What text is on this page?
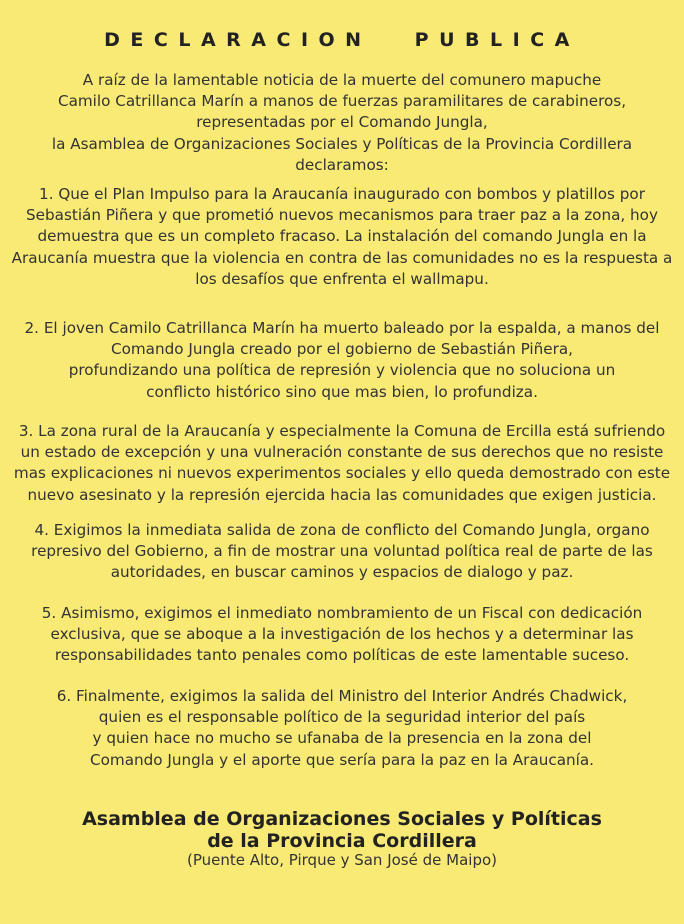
DECLARACION PUBLICA
A raíz de la lamentable noticia de la muerte del comunero mapuche
Camilo Catrillanca Marín a manos de fuerzas paramilitares de carabineros,
representadas por el Comando Jungla,
la Asamblea de Organizaciones Sociales y Políticas de la Provincia Cordillera
declaramos:
1. Que el Plan Impulso para la Araucanía inaugurado con bombos y platillos por
Sebastián Piñera y que prometió nuevos mecanismos para traer paz a la zona, hoy
demuestra que es un completo fracaso. La instalación del comando Jungla en la
Araucanía muestra que la violencia en contra de las comunidades no es la respuesta a
los desafíos que enfrenta el wallmapu.
2. El joven Camilo Catrillanca Marín ha muerto baleado por la espalda, a manos del
Comando Jungla creado por el gobierno de Sebastián Piñera,
profundizando una política de represión y violencia que no soluciona un
conflicto histórico sino que mas bien, lo profundiza.
3. La zona rural de la Araucanía y especialmente la Comuna de Ercilla está sufriendo
un estado de excepción y una vulneración constante de sus derechos que no resiste
mas explicaciones ni nuevos experimentos sociales y ello queda demostrado con este
nuevo asesinato y la represión ejercida hacia las comunidades que exigen justicia.
4. Exigimos la inmediata salida de zona de conflicto del Comando Jungla, organo
represivo del Gobierno, a fin de mostrar una voluntad política real de parte de las
autoridades, en buscar caminos y espacios de dialogo y paz.
5. Asimismo, exigimos el inmediato nombramiento de un Fiscal con dedicación
exclusiva, que se aboque a la investigación de los hechos y a determinar las
responsabilidades tanto penales como políticas de este lamentable suceso.
6. Finalmente, exigimos la salida del Ministro del Interior Andrés Chadwick,
quien es el responsable político de la seguridad interior del país
y quien hace no mucho se ufanaba de la presencia en la zona del
Comando Jungla y el aporte que sería para la paz en la Araucanía.
Asamblea de Organizaciones Sociales y Políticas
de la Provincia Cordillera
(Puente Alto, Pirque y San José de Maipo)
